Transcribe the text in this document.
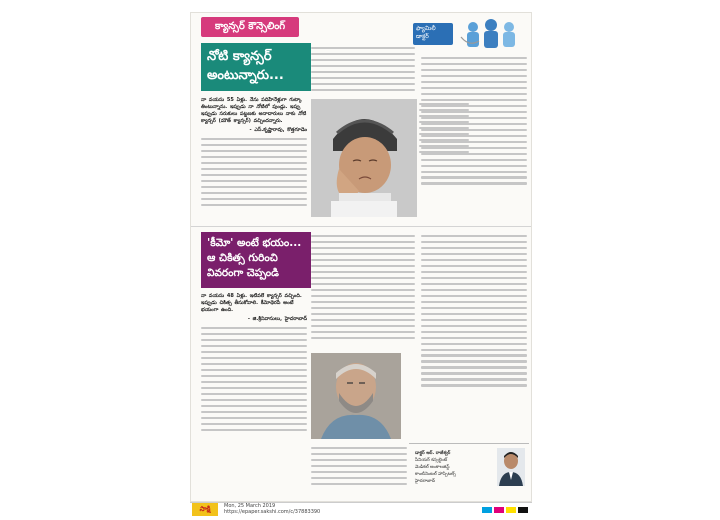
క్యాన్సర్ కౌన్సెలింగ్	ఫ్యామిలీ డాక్టర్
నోటి క్యాన్సర్ అంటున్నారు...
నా వయసు 55 ఏళ్లు. నేను పదిహేనేళ్లుగా గుట్కా తింటున్నాను. ఇప్పుడు నా నోటిలో పుండ్లు. ఇప్పు ఇప్పుడు సరుకులు పట్టణకు అనాదారులు నాకు నోటి క్యాన్సర్ (మౌత్ క్యాన్సర్) వచ్చిందన్నారు.
- ఎస్.కృష్ణారావు, కొత్తగూడెం
'కీమో' అంటే భయం... ఆ చికిత్స గురించి వివరంగా చెప్పండి
నా వయసు 48 ఏళ్లు. ఇటీవలే క్యాన్సర్ వచ్చింది. ఇప్పుడు చికిత్స తీసుకోవాలి. కీమోథెరపీ అంటే భయంగా ఉంది.
- జి.శ్రీనివాసులు, హైదరాబాద్
డాక్టర్ ఆర్. రాజేశ్వర్
సీనియర్ కన్సల్టెంట్
మెడికల్ ఆంకాలజిస్ట్
కాంటినెంటల్ హాస్పిటల్స్
హైదరాబాద్
సాక్షి	Mon, 25 March 2019
https://epaper.sakshi.com/c/37883390
